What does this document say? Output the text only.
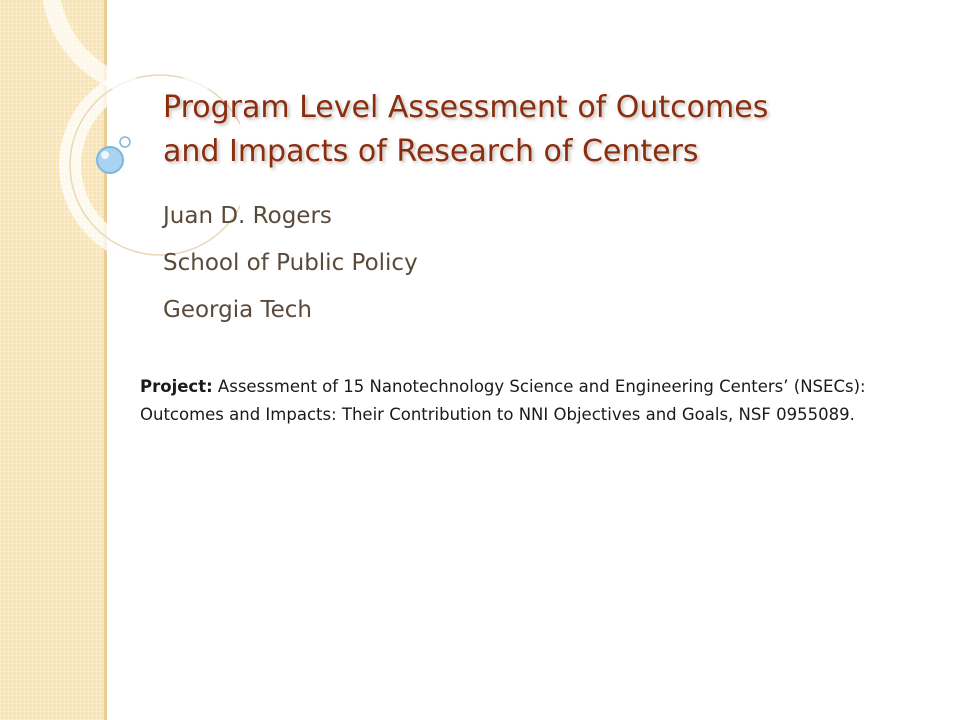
Program Level Assessment of Outcomes
and Impacts of Research of Centers
Juan D. Rogers
School of Public Policy
Georgia Tech
Project: Assessment of 15 Nanotechnology Science and Engineering Centers’ (NSECs): Outcomes and Impacts: Their Contribution to NNI Objectives and Goals, NSF 0955089.
